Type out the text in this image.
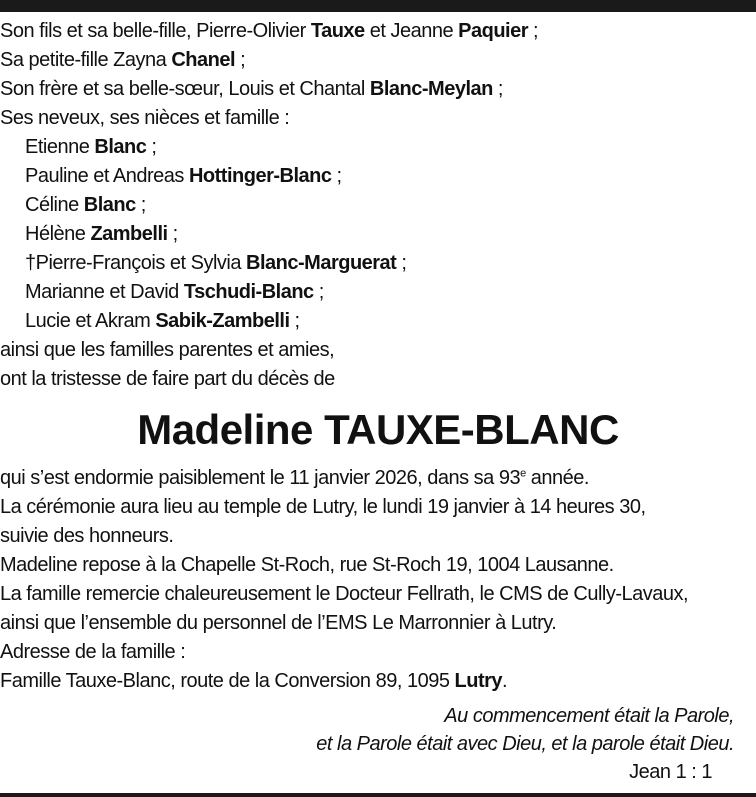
Son fils et sa belle-fille, Pierre-Olivier Tauxe et Jeanne Paquier ;
Sa petite-fille Zayna Chanel ;
Son frère et sa belle-sœur, Louis et Chantal Blanc-Meylan ;
Ses neveux, ses nièces et famille :
Etienne Blanc ;
Pauline et Andreas Hottinger-Blanc ;
Céline Blanc ;
Hélène Zambelli ;
†Pierre-François et Sylvia Blanc-Marguerat ;
Marianne et David Tschudi-Blanc ;
Lucie et Akram Sabik-Zambelli ;
ainsi que les familles parentes et amies,
ont la tristesse de faire part du décès de
Madeline TAUXE-BLANC
qui s’est endormie paisiblement le 11 janvier 2026, dans sa 93e année.
La cérémonie aura lieu au temple de Lutry, le lundi 19 janvier à 14 heures 30,
suivie des honneurs.
Madeline repose à la Chapelle St-Roch, rue St-Roch 19, 1004 Lausanne.
La famille remercie chaleureusement le Docteur Fellrath, le CMS de Cully-Lavaux,
ainsi que l’ensemble du personnel de l’EMS Le Marronnier à Lutry.
Adresse de la famille :
Famille Tauxe-Blanc, route de la Conversion 89, 1095 Lutry.
Au commencement était la Parole,
et la Parole était avec Dieu, et la parole était Dieu.
Jean 1 : 1
